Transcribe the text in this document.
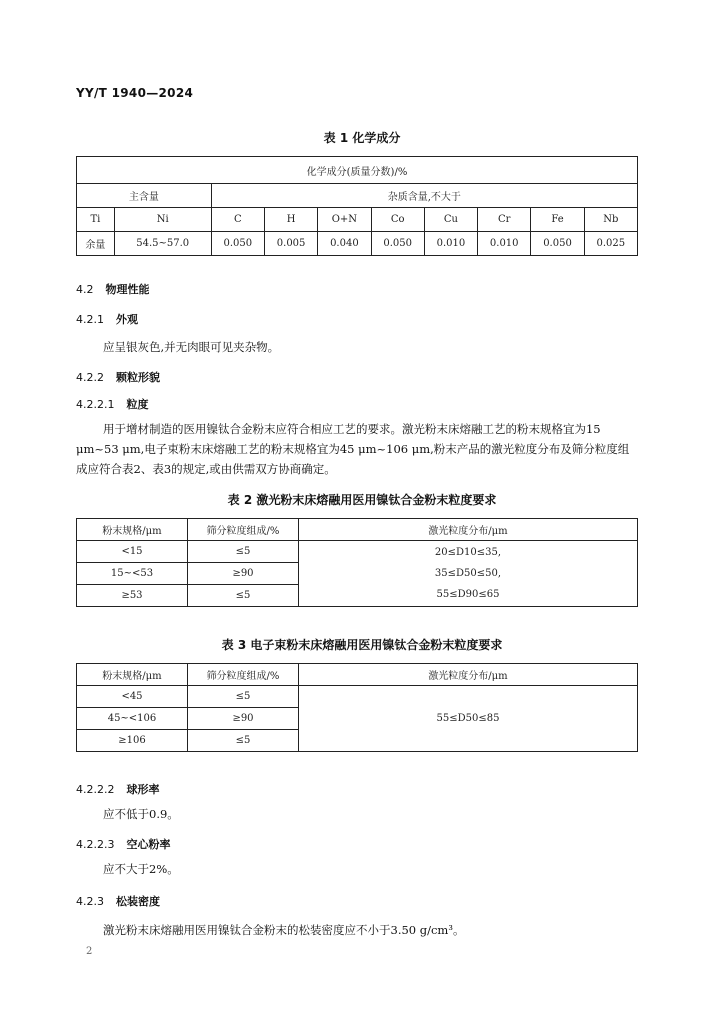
YY/T 1940—2024
表 1 化学成分
化学成分(质量分数)/%									
主含量		杂质含量,不大于							
Ti	Ni	C	H	O+N	Co	Cu	Cr	Fe	Nb
余量	54.5~57.0	0.050	0.005	0.040	0.050	0.010	0.010	0.050	0.025
4.2 物理性能
4.2.1 外观
应呈银灰色,并无肉眼可见夹杂物。
4.2.2 颗粒形貌
4.2.2.1 粒度
用于增材制造的医用镍钛合金粉末应符合相应工艺的要求。激光粉末床熔融工艺的粉末规格宜为15 μm~53 μm,电子束粉末床熔融工艺的粉末规格宜为45 μm~106 μm,粉末产品的激光粒度分布及筛分粒度组成应符合表2、表3的规定,或由供需双方协商确定。
表 2 激光粉末床熔融用医用镍钛合金粉末粒度要求
粉末规格/μm	筛分粒度组成/%	激光粒度分布/μm
<15	≤5	20≤D10≤35,
35≤D50≤50,
55≤D90≤65

15~<53	≥90	
≥53	≤5	
表 3 电子束粉末床熔融用医用镍钛合金粉末粒度要求
粉末规格/μm	筛分粒度组成/%	激光粒度分布/μm
<45	≤5	55≤D50≤85
45~<106	≥90	
≥106	≤5	
4.2.2.2 球形率
应不低于0.9。
4.2.2.3 空心粉率
应不大于2%。
4.2.3 松装密度
激光粉末床熔融用医用镍钛合金粉末的松装密度应不小于3.50 g/cm³。
2
